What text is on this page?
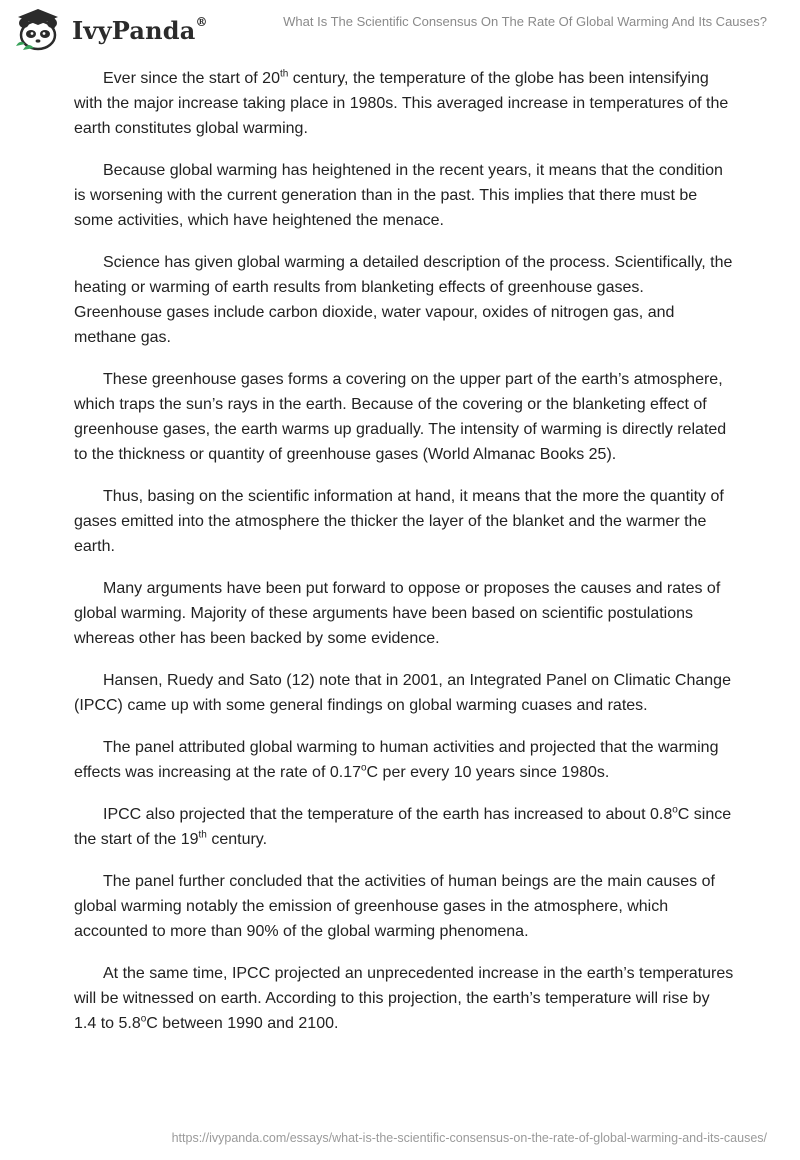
IvyPanda®	What Is The Scientific Consensus On The Rate Of Global Warming And Its Causes?

Ever since the start of 20th century, the temperature of the globe has been intensifying with the major increase taking place in 1980s. This averaged increase in temperatures of the earth constitutes global warming.

Because global warming has heightened in the recent years, it means that the condition is worsening with the current generation than in the past. This implies that there must be some activities, which have heightened the menace.

Science has given global warming a detailed description of the process. Scientifically, the heating or warming of earth results from blanketing effects of greenhouse gases. Greenhouse gases include carbon dioxide, water vapour, oxides of nitrogen gas, and methane gas.

These greenhouse gases forms a covering on the upper part of the earth’s atmosphere, which traps the sun’s rays in the earth. Because of the covering or the blanketing effect of greenhouse gases, the earth warms up gradually. The intensity of warming is directly related to the thickness or quantity of greenhouse gases (World Almanac Books 25).

Thus, basing on the scientific information at hand, it means that the more the quantity of gases emitted into the atmosphere the thicker the layer of the blanket and the warmer the earth.

Many arguments have been put forward to oppose or proposes the causes and rates of global warming. Majority of these arguments have been based on scientific postulations whereas other has been backed by some evidence.

Hansen, Ruedy and Sato (12) note that in 2001, an Integrated Panel on Climatic Change (IPCC) came up with some general findings on global warming cuases and rates.

The panel attributed global warming to human activities and projected that the warming effects was increasing at the rate of 0.17$^o$C per every 10 years since 1980s.

IPCC also projected that the temperature of the earth has increased to about 0.8$^o$C since the start of the 19th century.

The panel further concluded that the activities of human beings are the main causes of global warming notably the emission of greenhouse gases in the atmosphere, which accounted to more than 90% of the global warming phenomena.

At the same time, IPCC projected an unprecedented increase in the earth’s temperatures will be witnessed on earth. According to this projection, the earth’s temperature will rise by 1.4 to 5.8$^o$C between 1990 and 2100.

https://ivypanda.com/essays/what-is-the-scientific-consensus-on-the-rate-of-global-warming-and-its-causes/
